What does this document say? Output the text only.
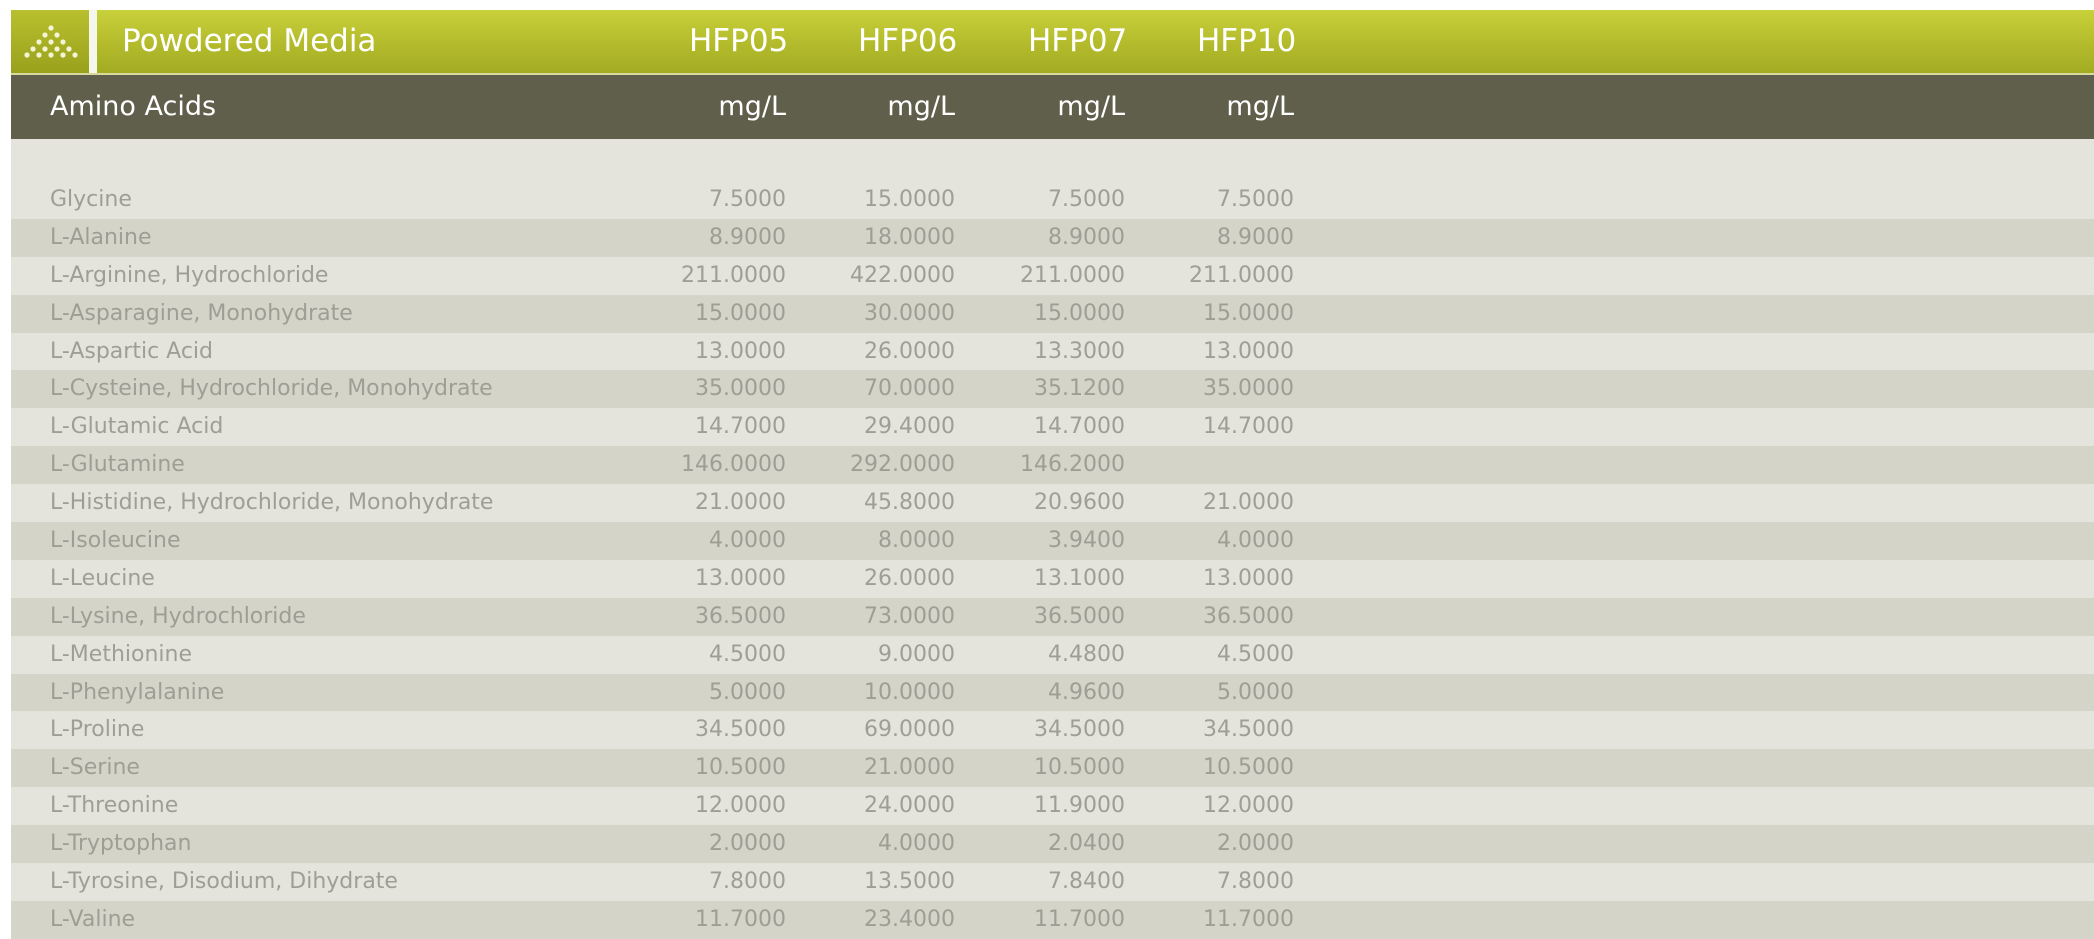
Powdered Media	HFP05 HFP06 HFP07 HFP10
Amino Acids	mg/L	mg/L	mg/L	mg/L
Glycine	7.5000	15.0000	7.5000	7.5000
L-Alanine	8.9000	18.0000	8.9000	8.9000
L-Arginine, Hydrochloride	211.0000	422.0000	211.0000	211.0000
L-Asparagine, Monohydrate	15.0000	30.0000	15.0000	15.0000
L-Aspartic Acid	13.0000	26.0000	13.3000	13.0000
L-Cysteine, Hydrochloride, Monohydrate	35.0000	70.0000	35.1200	35.0000
L-Glutamic Acid	14.7000	29.4000	14.7000	14.7000
L-Glutamine	146.0000	292.0000	146.2000
L-Histidine, Hydrochloride, Monohydrate	21.0000	45.8000	20.9600	21.0000
L-Isoleucine	4.0000	8.0000	3.9400	4.0000
L-Leucine	13.0000	26.0000	13.1000	13.0000
L-Lysine, Hydrochloride	36.5000	73.0000	36.5000	36.5000
L-Methionine	4.5000	9.0000	4.4800	4.5000
L-Phenylalanine	5.0000	10.0000	4.9600	5.0000
L-Proline	34.5000	69.0000	34.5000	34.5000
L-Serine	10.5000	21.0000	10.5000	10.5000
L-Threonine	12.0000	24.0000	11.9000	12.0000
L-Tryptophan	2.0000	4.0000	2.0400	2.0000
L-Tyrosine, Disodium, Dihydrate	7.8000	13.5000	7.8400	7.8000
L-Valine	11.7000	23.4000	11.7000	11.7000
